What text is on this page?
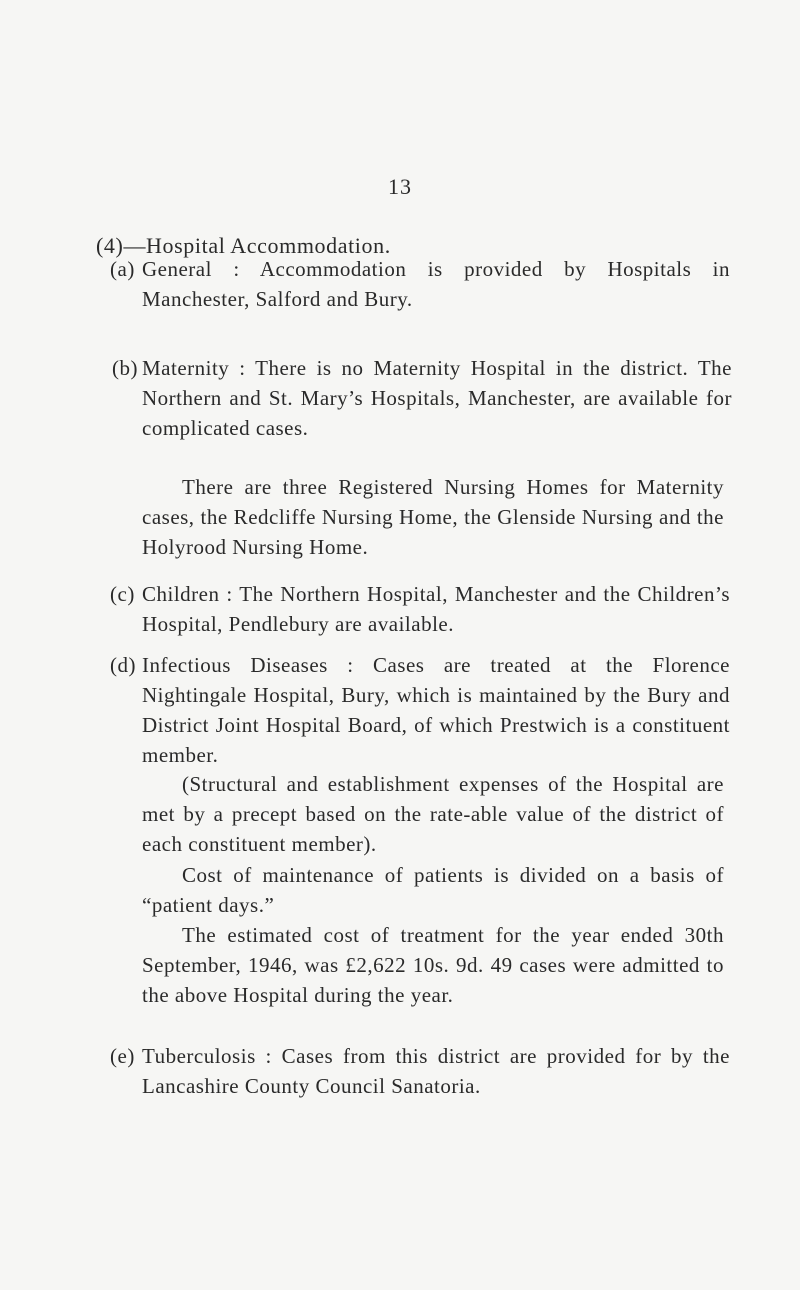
13
(4)—Hospital Accommodation.
(a) General : Accommodation is provided by Hospitals in Manchester, Salford and Bury.
(b) Maternity : There is no Maternity Hospital in the district. The Northern and St. Mary’s Hospitals, Manchester, are available for complicated cases.
There are three Registered Nursing Homes for Maternity cases, the Redcliffe Nursing Home, the Glenside Nursing and the Holyrood Nursing Home.
(c) Children : The Northern Hospital, Manchester and the Children’s Hospital, Pendlebury are available.
(d) Infectious Diseases : Cases are treated at the Florence Nightingale Hospital, Bury, which is maintained by the Bury and District Joint Hospital Board, of which Prestwich is a constituent member.
(Structural and establishment expenses of the Hospital are met by a precept based on the rate-able value of the district of each constituent member).
Cost of maintenance of patients is divided on a basis of “patient days.”
The estimated cost of treatment for the year ended 30th September, 1946, was £2,622 10s. 9d. 49 cases were admitted to the above Hospital during the year.
(e) Tuberculosis : Cases from this district are provided for by the Lancashire County Council Sanatoria.
